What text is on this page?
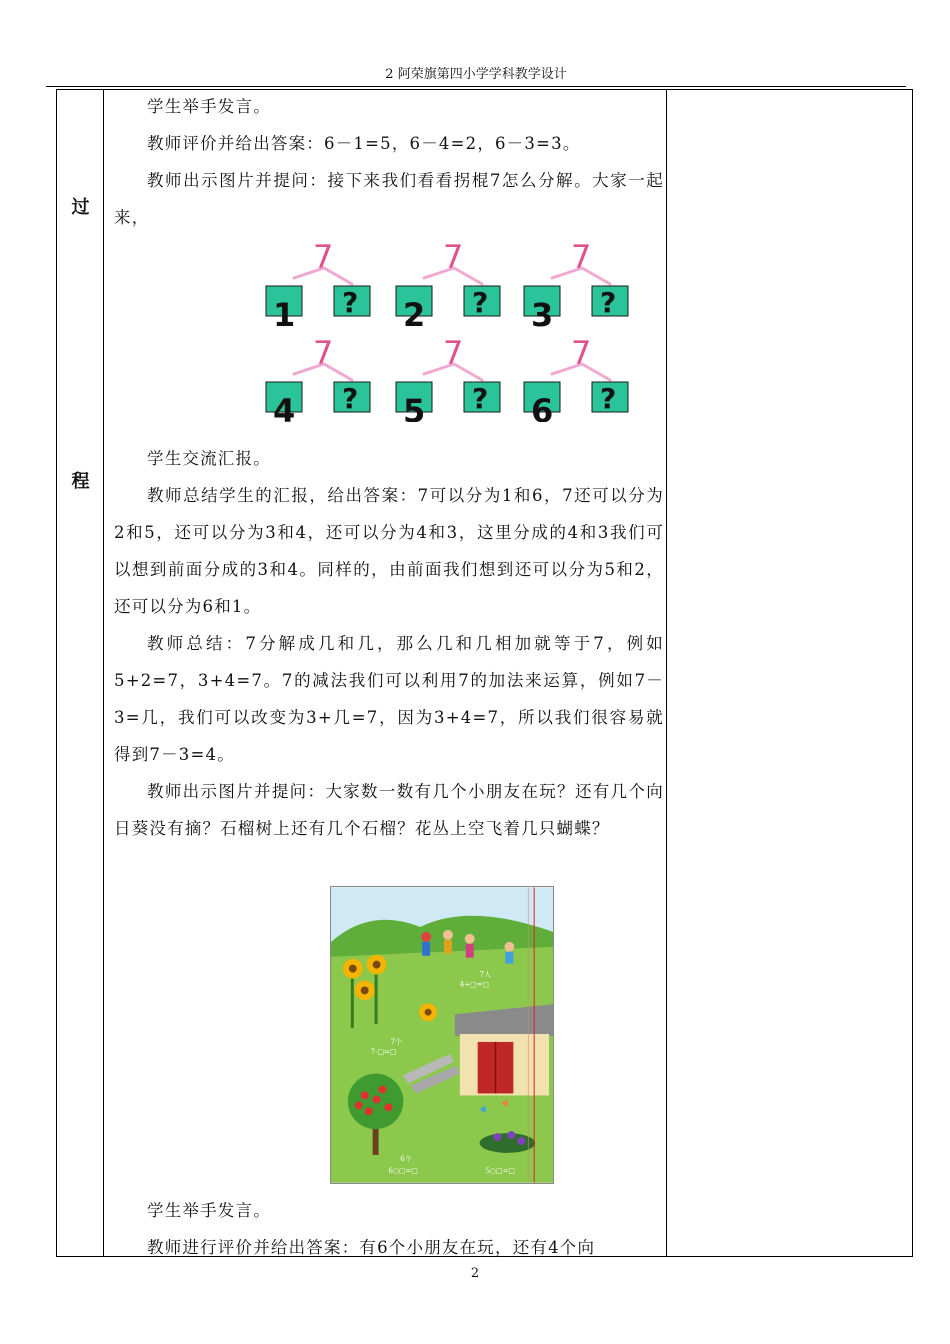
2 阿荣旗第四小学学科教学设计
过
程

学生举手发言。

教师评价并给出答案：6－1=5，6－4=2，6－3=3。

教师出示图片并提问：接下来我们看看拐棍7怎么分解。大家一起来，

7
1 ?
7
2 ?
7
3 ?
7
4 ?
7
5 ?
7
6 ?

学生交流汇报。

教师总结学生的汇报，给出答案：7可以分为1和6，7还可以分为2和5，还可以分为3和4，还可以分为4和3，这里分成的4和3我们可以想到前面分成的3和4。同样的，由前面我们想到还可以分为5和2，还可以分为6和1。

教师总结：7分解成几和几，那么几和几相加就等于7，例如5+2=7，3+4=7。7的减法我们可以利用7的加法来运算，例如7－3=几，我们可以改变为3+几=7，因为3+4=7，所以我们很容易就得到7－3=4。

教师出示图片并提问：大家数一数有几个小朋友在玩？还有几个向日葵没有摘？石榴树上还有几个石榴？花丛上空飞着几只蝴蝶？

7人
4+□=□
7个
7-□=□
6个
6○□=□	5○□=□

学生举手发言。

教师进行评价并给出答案：有6个小朋友在玩，还有4个向

2
